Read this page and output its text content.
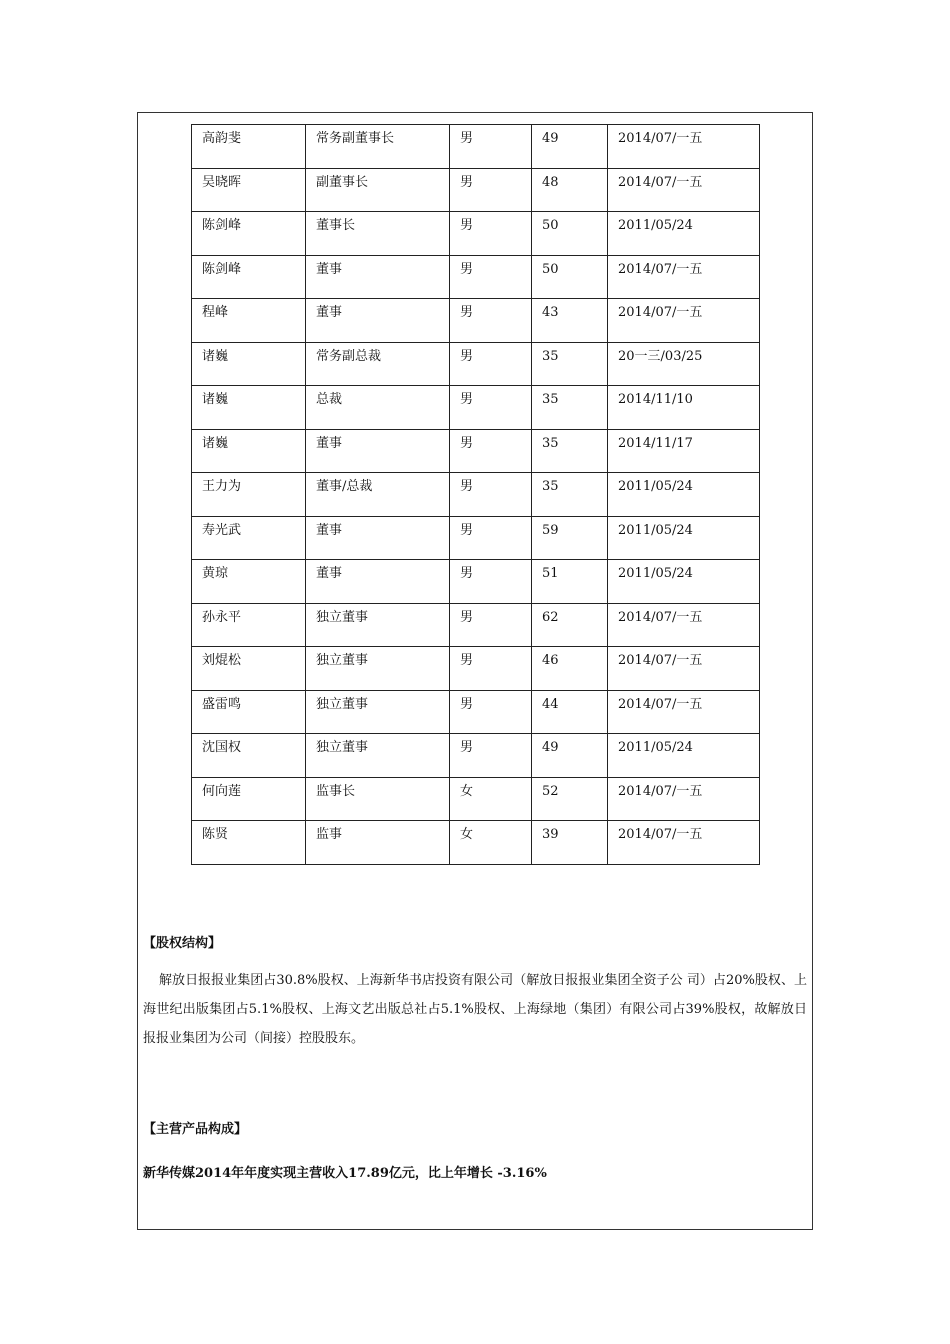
高韵斐	常务副董事长	男	49	2014/07/一五
吴晓晖	副董事长	男	48	2014/07/一五
陈剑峰	董事长	男	50	2011/05/24
陈剑峰	董事	男	50	2014/07/一五
程峰	董事	男	43	2014/07/一五
诸巍	常务副总裁	男	35	20一三/03/25
诸巍	总裁	男	35	2014/11/10
诸巍	董事	男	35	2014/11/17
王力为	董事/总裁	男	35	2011/05/24
寿光武	董事	男	59	2011/05/24
黄琼	董事	男	51	2011/05/24
孙永平	独立董事	男	62	2014/07/一五
刘焜松	独立董事	男	46	2014/07/一五
盛雷鸣	独立董事	男	44	2014/07/一五
沈国权	独立董事	男	49	2011/05/24
何向莲	监事长	女	52	2014/07/一五
陈贤	监事	女	39	2014/07/一五
【股权结构】
解放日报报业集团占30.8%股权、上海新华书店投资有限公司（解放日报报业集团全资子公 司）占20%股权、上海世纪出版集团占5.1%股权、上海文艺出版总社占5.1%股权、上海绿地（集团）有限公司占39%股权，故解放日报报业集团为公司（间接）控股股东。
【主营产品构成】
新华传媒2014年年度实现主营收入17.89亿元，比上年增长 -3.16%
